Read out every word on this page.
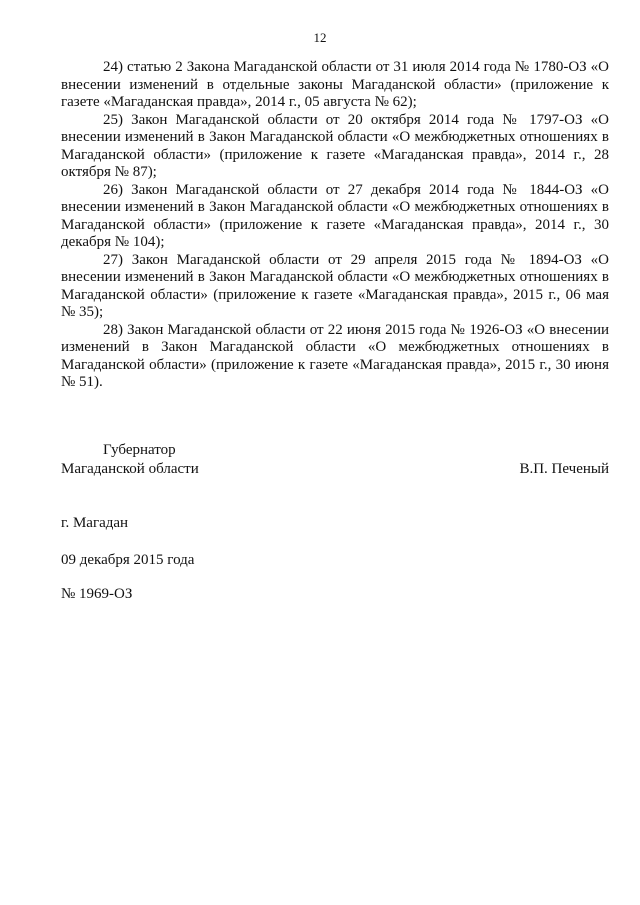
12

24) статью 2 Закона Магаданской области от 31 июля 2014 года № 1780-ОЗ «О внесении изменений в отдельные законы Магаданской области» (приложение к газете «Магаданская правда», 2014 г., 05 августа № 62);

25) Закон Магаданской области от 20 октября 2014 года № 1797-ОЗ «О внесении изменений в Закон Магаданской области «О межбюджетных отношениях в Магаданской области» (приложение к газете «Магаданская правда», 2014 г., 28 октября № 87);

26) Закон Магаданской области от 27 декабря 2014 года № 1844-ОЗ «О внесении изменений в Закон Магаданской области «О межбюджетных отношениях в Магаданской области» (приложение к газете «Магаданская правда», 2014 г., 30 декабря № 104);

27) Закон Магаданской области от 29 апреля 2015 года № 1894-ОЗ «О внесении изменений в Закон Магаданской области «О межбюджетных отношениях в Магаданской области» (приложение к газете «Магаданская правда», 2015 г., 06 мая № 35);

28) Закон Магаданской области от 22 июня 2015 года № 1926-ОЗ «О внесении изменений в Закон Магаданской области «О межбюджетных отношениях в Магаданской области» (приложение к газете «Магаданская правда», 2015 г., 30 июня № 51).

Губернатор
Магаданской области	В.П. Печеный
г. Магадан
09 декабря 2015 года
№ 1969-ОЗ
